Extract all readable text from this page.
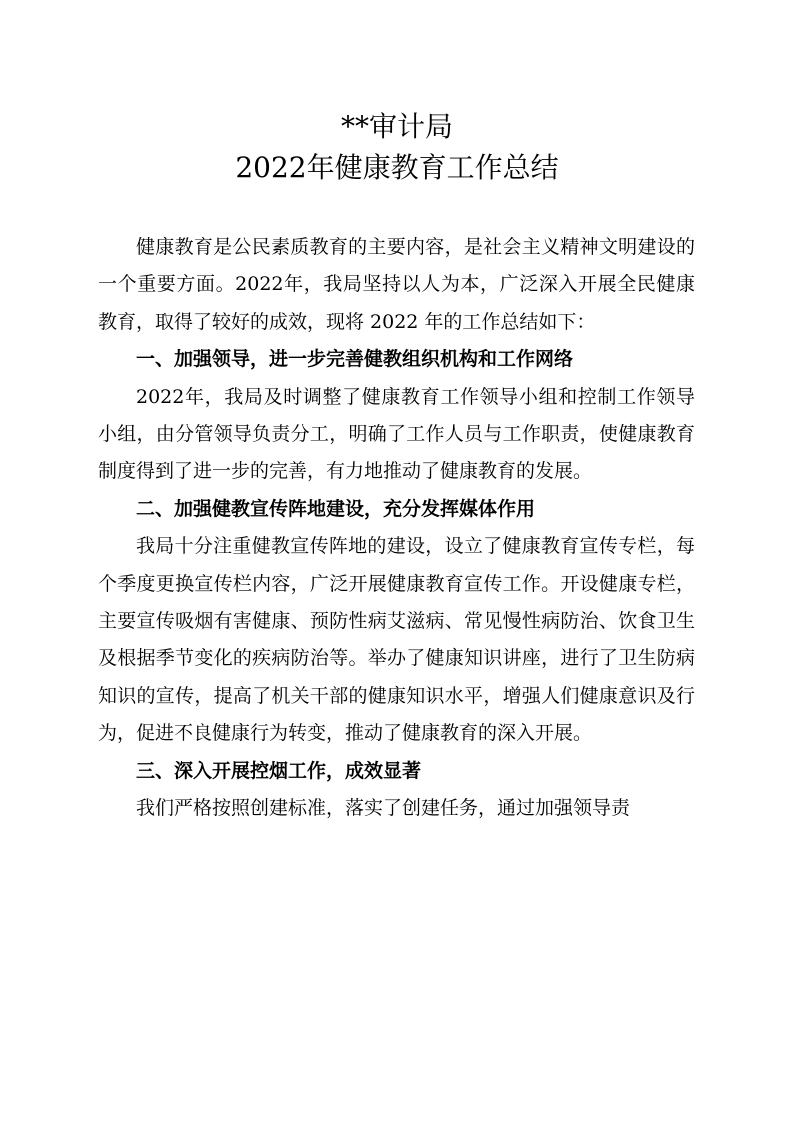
**审计局
2022年健康教育工作总结

健康教育是公民素质教育的主要内容，是社会主义精神文明建设的一个重要方面。2022年，我局坚持以人为本，广泛深入开展全民健康教育，取得了较好的成效，现将 2022 年的工作总结如下：

一、加强领导，进一步完善健教组织机构和工作网络

2022年，我局及时调整了健康教育工作领导小组和控制工作领导小组，由分管领导负责分工，明确了工作人员与工作职责，使健康教育制度得到了进一步的完善，有力地推动了健康教育的发展。

二、加强健教宣传阵地建设，充分发挥媒体作用

我局十分注重健教宣传阵地的建设，设立了健康教育宣传专栏，每个季度更换宣传栏内容，广泛开展健康教育宣传工作。开设健康专栏，主要宣传吸烟有害健康、预防性病艾滋病、常见慢性病防治、饮食卫生及根据季节变化的疾病防治等。举办了健康知识讲座，进行了卫生防病知识的宣传，提高了机关干部的健康知识水平，增强人们健康意识及行为，促进不良健康行为转变，推动了健康教育的深入开展。

三、深入开展控烟工作，成效显著

我们严格按照创建标准，落实了创建任务，通过加强领导责
